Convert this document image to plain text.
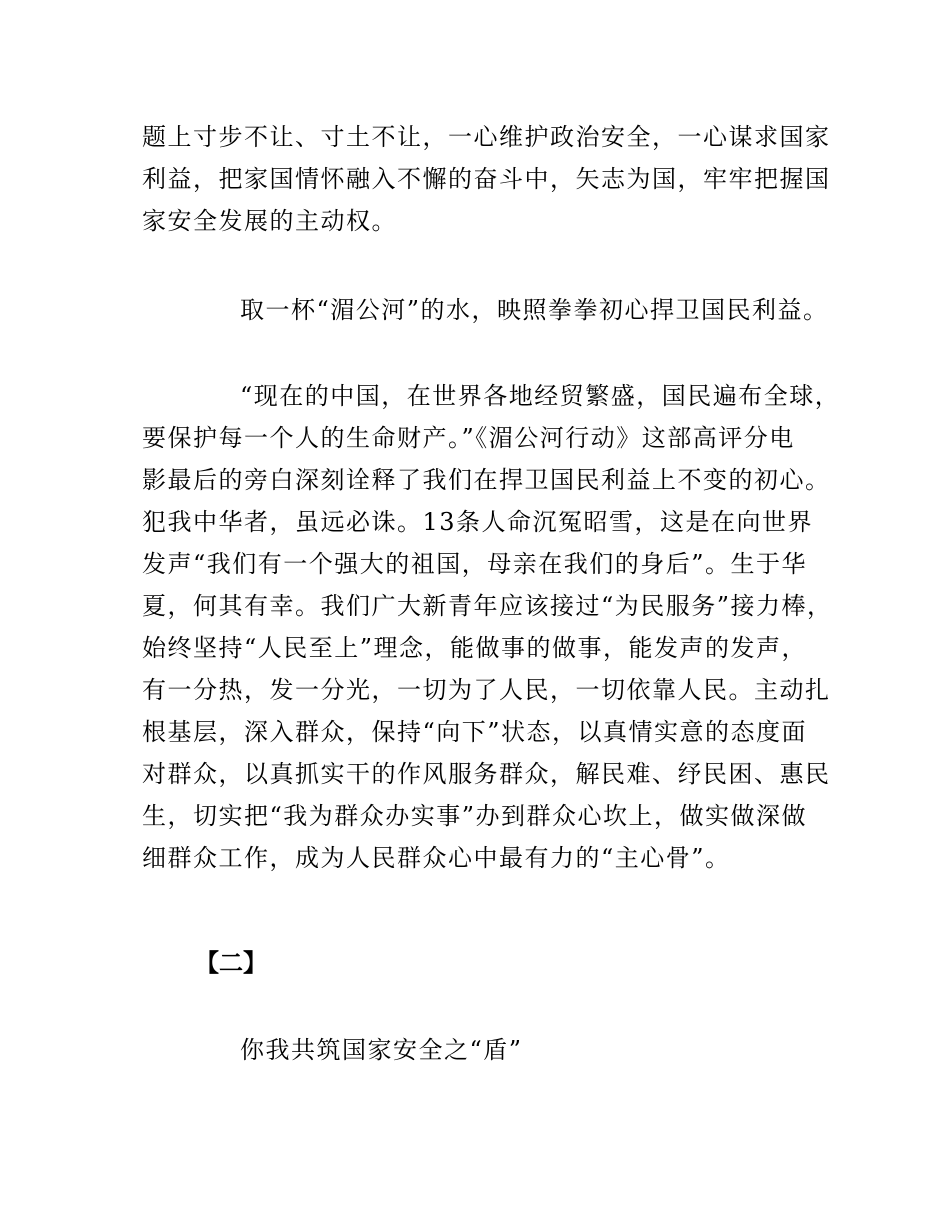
题上寸步不让、寸土不让，一心维护政治安全，一心谋求国家
利益，把家国情怀融入不懈的奋斗中，矢志为国，牢牢把握国
家安全发展的主动权。
取一杯“湄公河”的水，映照拳拳初心捍卫国民利益。
“现在的中国，在世界各地经贸繁盛，国民遍布全球，
要保护每一个人的生命财产。”《湄公河行动》这部高评分电
影最后的旁白深刻诠释了我们在捍卫国民利益上不变的初心。
犯我中华者，虽远必诛。13条人命沉冤昭雪，这是在向世界
发声“我们有一个强大的祖国，母亲在我们的身后”。生于华
夏，何其有幸。我们广大新青年应该接过“为民服务”接力棒，
始终坚持“人民至上”理念，能做事的做事，能发声的发声，
有一分热，发一分光，一切为了人民，一切依靠人民。主动扎
根基层，深入群众，保持“向下”状态，以真情实意的态度面
对群众，以真抓实干的作风服务群众，解民难、纾民困、惠民
生，切实把“我为群众办实事”办到群众心坎上，做实做深做
细群众工作，成为人民群众心中最有力的“主心骨”。
【二】
你我共筑国家安全之“盾”
